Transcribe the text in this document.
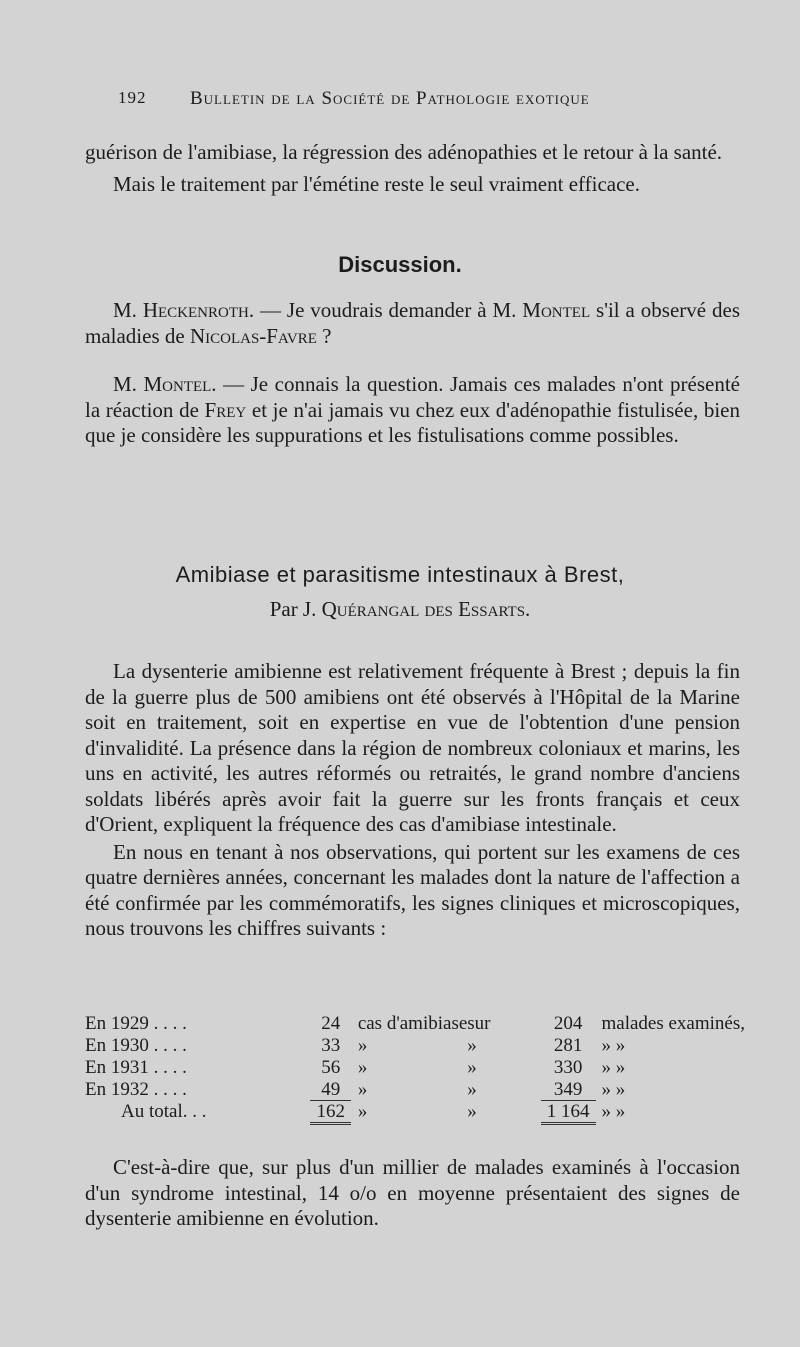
192 Bulletin de la Société de Pathologie exotique

guérison de l'amibiase, la régression des adénopathies et le retour à la santé.

Mais le traitement par l'émétine reste le seul vraiment efficace.

Discussion.

M. Heckenroth. — Je voudrais demander à M. Montel s'il a observé des maladies de Nicolas-Favre ?

M. Montel. — Je connais la question. Jamais ces malades n'ont présenté la réaction de Frey et je n'ai jamais vu chez eux d'adénopathie fistulisée, bien que je considère les suppurations et les fistulisations comme possibles.

Amibiase et parasitisme intestinaux à Brest,
Par J. Quérangal des Essarts.

La dysenterie amibienne est relativement fréquente à Brest ; depuis la fin de la guerre plus de 500 amibiens ont été observés à l'Hôpital de la Marine soit en traitement, soit en expertise en vue de l'obtention d'une pension d'invalidité. La présence dans la région de nombreux coloniaux et marins, les uns en activité, les autres réformés ou retraités, le grand nombre d'anciens soldats libérés après avoir fait la guerre sur les fronts français et ceux d'Orient, expliquent la fréquence des cas d'amibiase intestinale.

En nous en tenant à nos observations, qui portent sur les examens de ces quatre dernières années, concernant les malades dont la nature de l'affection a été confirmée par les commémoratifs, les signes cliniques et microscopiques, nous trouvons les chiffres suivants :

En 1929 . . . .	24	cas d'amibiase	sur	204	malades examinés,
En 1930 . . . .	33	»	»	281	» »
En 1931 . . . .	56	»	»	330	» »
En 1932 . . . .	49	»	»	349	» »
Au total. . .	162	»	»	1 164	» »

C'est-à-dire que, sur plus d'un millier de malades examinés à l'occasion d'un syndrome intestinal, 14 o/o en moyenne présentaient des signes de dysenterie amibienne en évolution.
